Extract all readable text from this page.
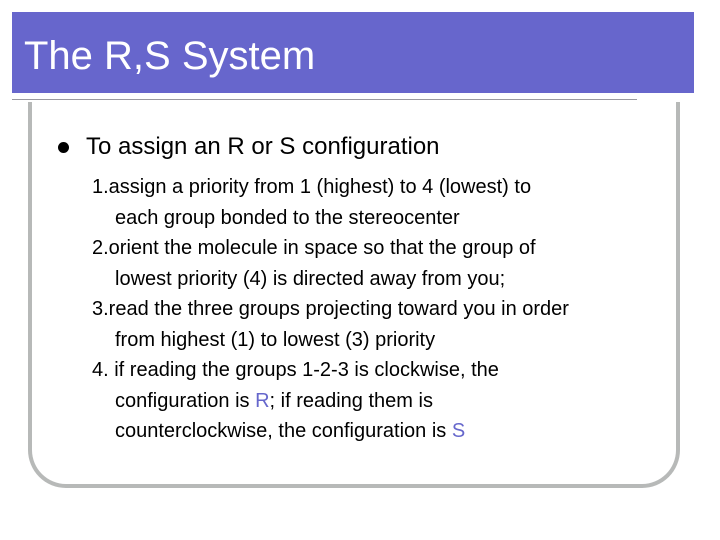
The R,S System
To assign an R or S configuration
1.assign a priority from 1 (highest) to 4 (lowest) to
each group bonded to the stereocenter
2.orient the molecule in space so that the group of
lowest priority (4) is directed away from you;
3.read the three groups projecting toward you in order
from highest (1) to lowest (3) priority
4. if reading the groups 1-2-3 is clockwise, the
configuration is R; if reading them is
counterclockwise, the configuration is S
